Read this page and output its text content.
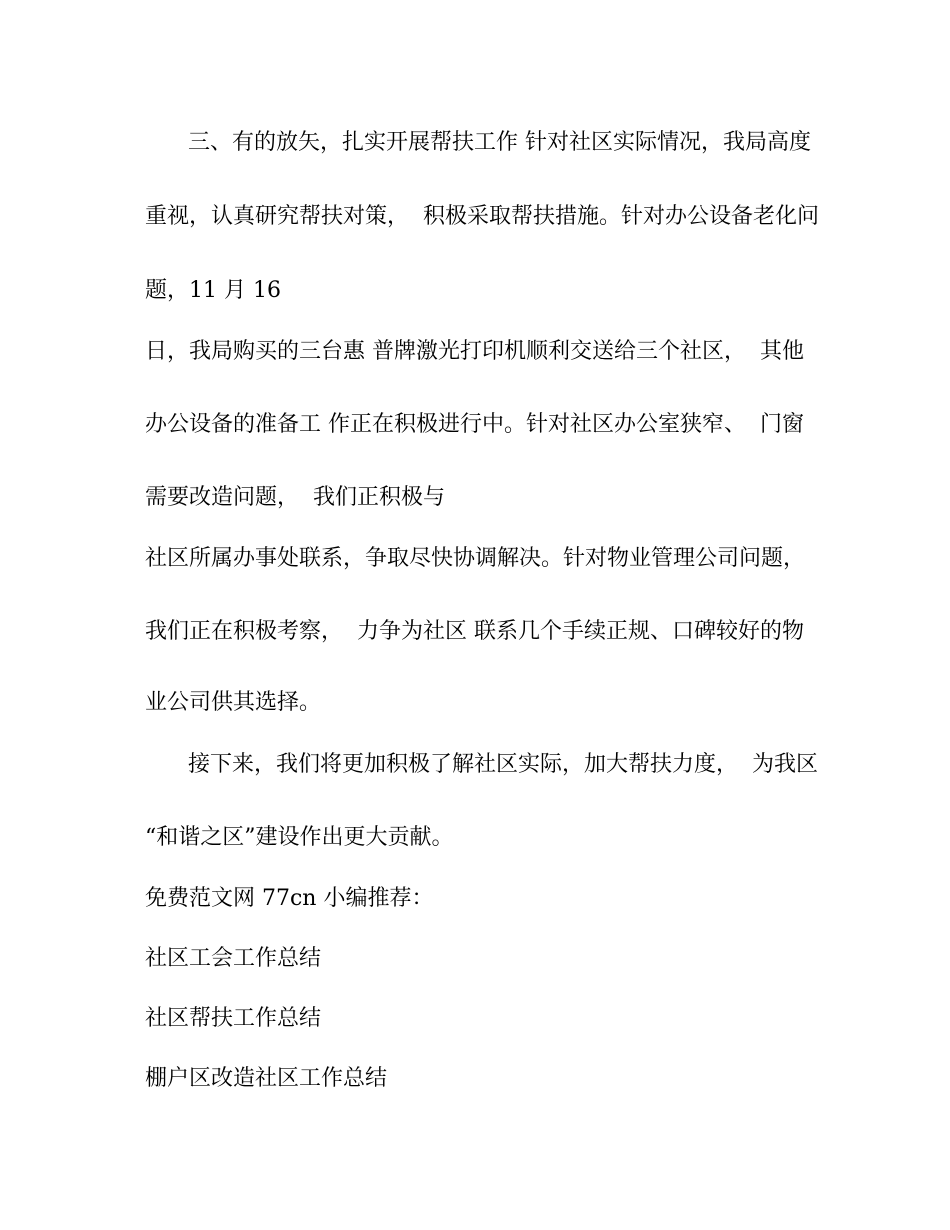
三、有的放矢，扎实开展帮扶工作 针对社区实际情况，我局高度

重视，认真研究帮扶对策，  积极采取帮扶措施。针对办公设备老化问

题，11 月 16

日，我局购买的三台惠 普牌激光打印机顺利交送给三个社区，  其他

办公设备的准备工 作正在积极进行中。针对社区办公室狭窄、  门窗

需要改造问题，  我们正积极与

社区所属办事处联系，争取尽快协调解决。针对物业管理公司问题，

我们正在积极考察，  力争为社区 联系几个手续正规、口碑较好的物

业公司供其选择。

接下来，我们将更加积极了解社区实际，加大帮扶力度，  为我区

“和谐之区”建设作出更大贡献。

免费范文网 77cn 小编推荐：

社区工会工作总结

社区帮扶工作总结

棚户区改造社区工作总结
